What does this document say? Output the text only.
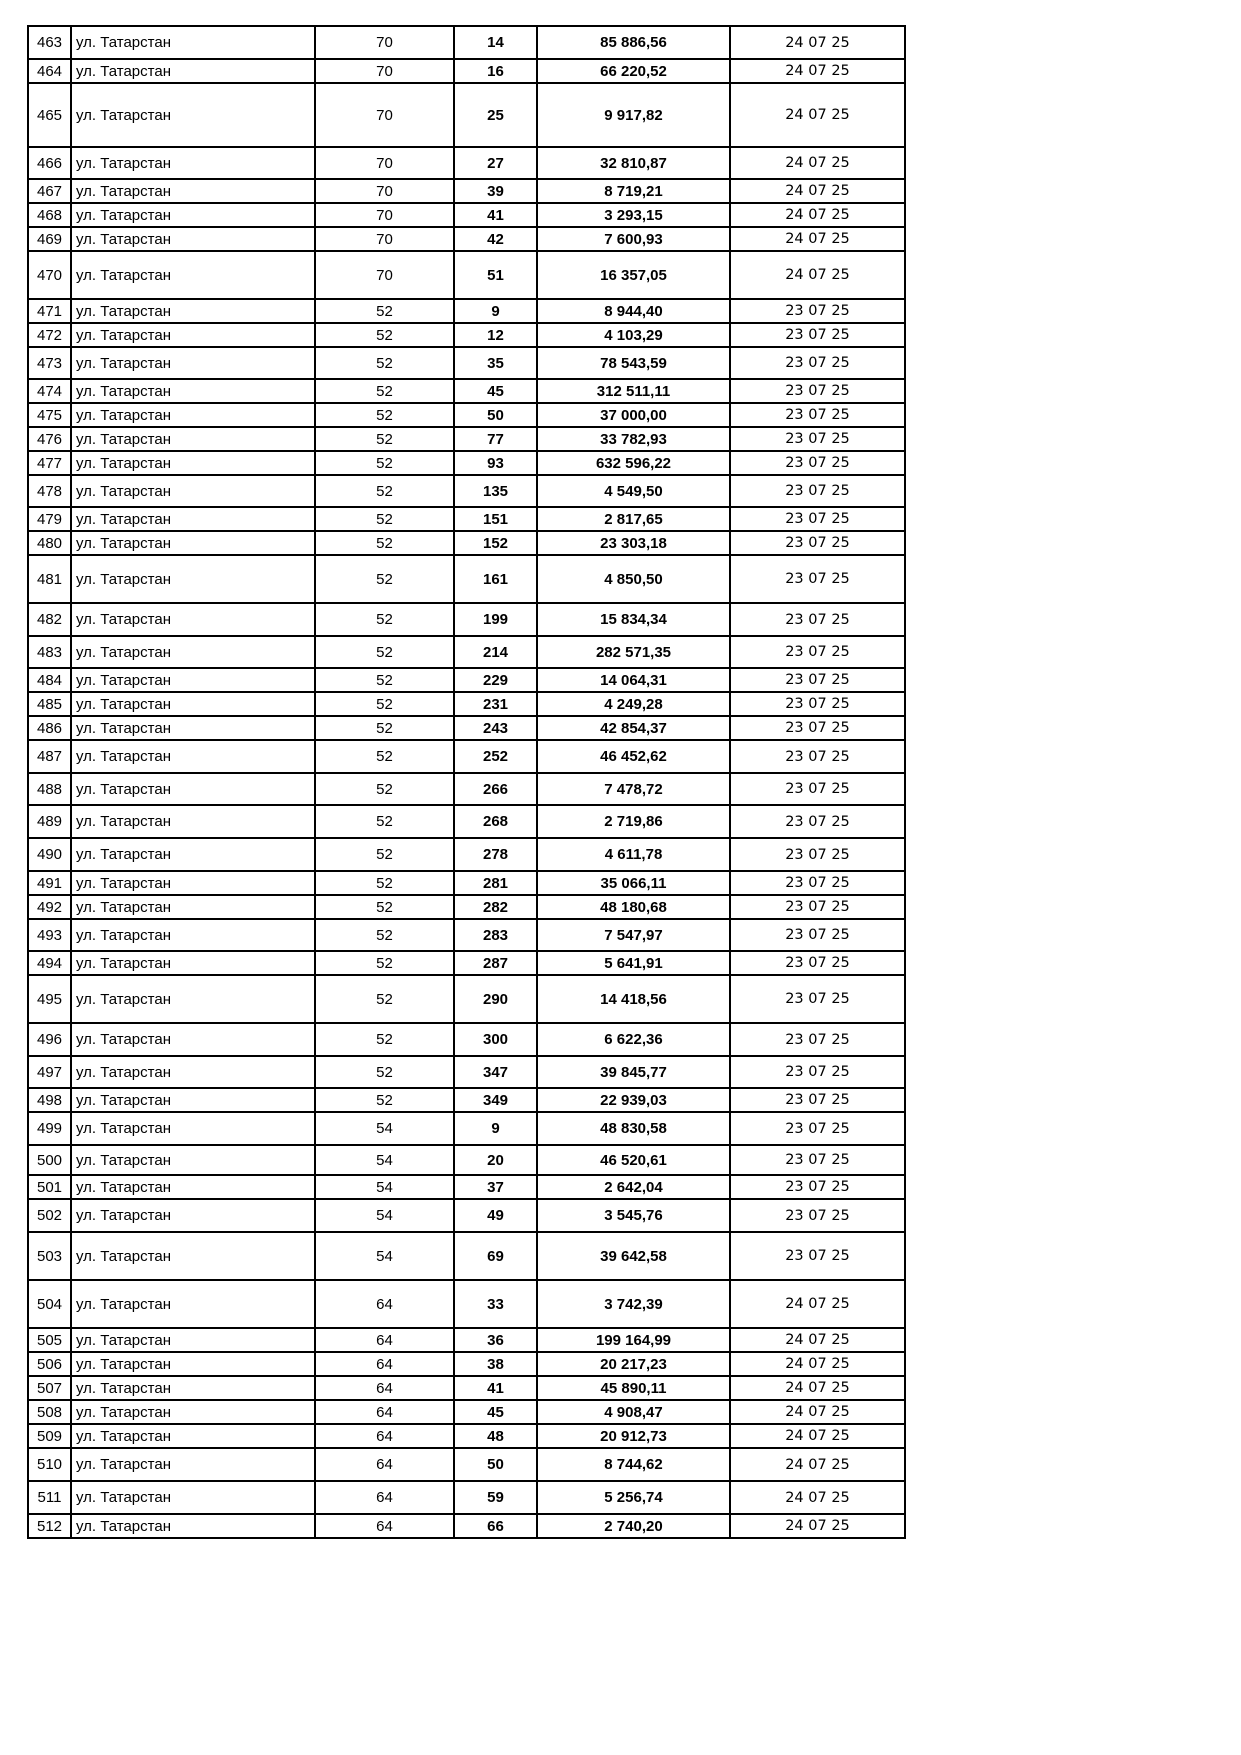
463	ул. Татарстан	70	14	85 886,56	24 07 25
464	ул. Татарстан	70	16	66 220,52	24 07 25
465	ул. Татарстан	70	25	9 917,82	24 07 25
466	ул. Татарстан	70	27	32 810,87	24 07 25
467	ул. Татарстан	70	39	8 719,21	24 07 25
468	ул. Татарстан	70	41	3 293,15	24 07 25
469	ул. Татарстан	70	42	7 600,93	24 07 25
470	ул. Татарстан	70	51	16 357,05	24 07 25
471	ул. Татарстан	52	9	8 944,40	23 07 25
472	ул. Татарстан	52	12	4 103,29	23 07 25
473	ул. Татарстан	52	35	78 543,59	23 07 25
474	ул. Татарстан	52	45	312 511,11	23 07 25
475	ул. Татарстан	52	50	37 000,00	23 07 25
476	ул. Татарстан	52	77	33 782,93	23 07 25
477	ул. Татарстан	52	93	632 596,22	23 07 25
478	ул. Татарстан	52	135	4 549,50	23 07 25
479	ул. Татарстан	52	151	2 817,65	23 07 25
480	ул. Татарстан	52	152	23 303,18	23 07 25
481	ул. Татарстан	52	161	4 850,50	23 07 25
482	ул. Татарстан	52	199	15 834,34	23 07 25
483	ул. Татарстан	52	214	282 571,35	23 07 25
484	ул. Татарстан	52	229	14 064,31	23 07 25
485	ул. Татарстан	52	231	4 249,28	23 07 25
486	ул. Татарстан	52	243	42 854,37	23 07 25
487	ул. Татарстан	52	252	46 452,62	23 07 25
488	ул. Татарстан	52	266	7 478,72	23 07 25
489	ул. Татарстан	52	268	2 719,86	23 07 25
490	ул. Татарстан	52	278	4 611,78	23 07 25
491	ул. Татарстан	52	281	35 066,11	23 07 25
492	ул. Татарстан	52	282	48 180,68	23 07 25
493	ул. Татарстан	52	283	7 547,97	23 07 25
494	ул. Татарстан	52	287	5 641,91	23 07 25
495	ул. Татарстан	52	290	14 418,56	23 07 25
496	ул. Татарстан	52	300	6 622,36	23 07 25
497	ул. Татарстан	52	347	39 845,77	23 07 25
498	ул. Татарстан	52	349	22 939,03	23 07 25
499	ул. Татарстан	54	9	48 830,58	23 07 25
500	ул. Татарстан	54	20	46 520,61	23 07 25
501	ул. Татарстан	54	37	2 642,04	23 07 25
502	ул. Татарстан	54	49	3 545,76	23 07 25
503	ул. Татарстан	54	69	39 642,58	23 07 25
504	ул. Татарстан	64	33	3 742,39	24 07 25
505	ул. Татарстан	64	36	199 164,99	24 07 25
506	ул. Татарстан	64	38	20 217,23	24 07 25
507	ул. Татарстан	64	41	45 890,11	24 07 25
508	ул. Татарстан	64	45	4 908,47	24 07 25
509	ул. Татарстан	64	48	20 912,73	24 07 25
510	ул. Татарстан	64	50	8 744,62	24 07 25
511	ул. Татарстан	64	59	5 256,74	24 07 25
512	ул. Татарстан	64	66	2 740,20	24 07 25
